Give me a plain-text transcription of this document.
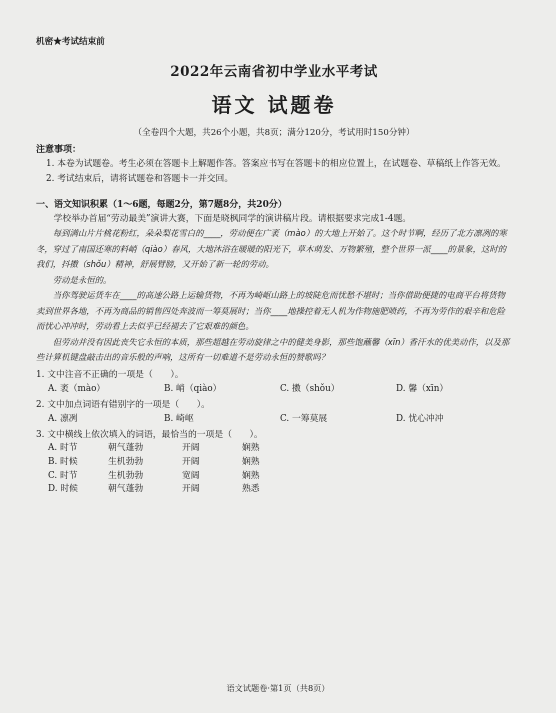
机密★考试结束前
2022年云南省初中学业水平考试
语文 试题卷
（全卷四个大题，共26个小题，共8页；满分120分，考试用时150分钟）
注意事项：
1. 本卷为试题卷。考生必须在答题卡上解题作答。答案应书写在答题卡的相应位置上，在试题卷、草稿纸上作答无效。
2. 考试结束后，请将试题卷和答题卡一并交回。
一、语文知识积累（1～6题，每题2分，第7题8分，共20分）
学校举办首届“劳动最美”演讲大赛，下面是晓枫同学的演讲稿片段。请根据要求完成1-4题。

每到满山片片桃花粉红，朵朵梨花雪白的____，劳动便在广袤（mào）的大地上开始了。这个时节啊，经历了北方凛冽的寒冬，穿过了南国还寒的料峭（qiào）春风，大地沐浴在暖暖的阳光下，草木萌发、万物繁殖，整个世界一派____的景象，这时的我们，抖擞（shǒu）精神，舒展臂膀，又开始了新一轮的劳动。

劳动是永恒的。

当你驾驶运货车在____的高速公路上运输货物，不再为崎岖山路上的坡陡危而忧愁不堪时；当你借助便捷的电商平台将货物卖到世界各地，不再为商品的销售四处奔波而一筹莫展时；当你____地操控着无人机为作物施肥喷药，不再为劳作的艰辛和危险而忧心冲冲时，劳动看上去似乎已经褪去了它艰难的颜色。

但劳动并没有因此丧失它永恒的本质，那些超越在劳动旋律之中的健美身影，那些饱蘸馨（xīn）香汗水的优美动作，以及那些计算机键盘敲击出的音乐般的声响，这所有一切难道不是劳动永恒的赞歌吗？

1. 文中注音不正确的一项是（　　）。
A. 袤（mào）	B. 峭（qiào）	C. 擞（shǒu）	D. 馨（xīn）
2. 文中加点词语有错别字的一项是（　　）。
A. 凛冽	B. 崎岖	C. 一筹莫展	D. 忧心冲冲
3. 文中横线上依次填入的词语，最恰当的一项是（　　）。
A. 时节	朝气蓬勃	开阔	娴熟
B. 时候	生机勃勃	开阔	娴熟
C. 时节	生机勃勃	宽阔	娴熟
D. 时候	朝气蓬勃	开阔	熟悉
语文试题卷·第1页（共8页）
